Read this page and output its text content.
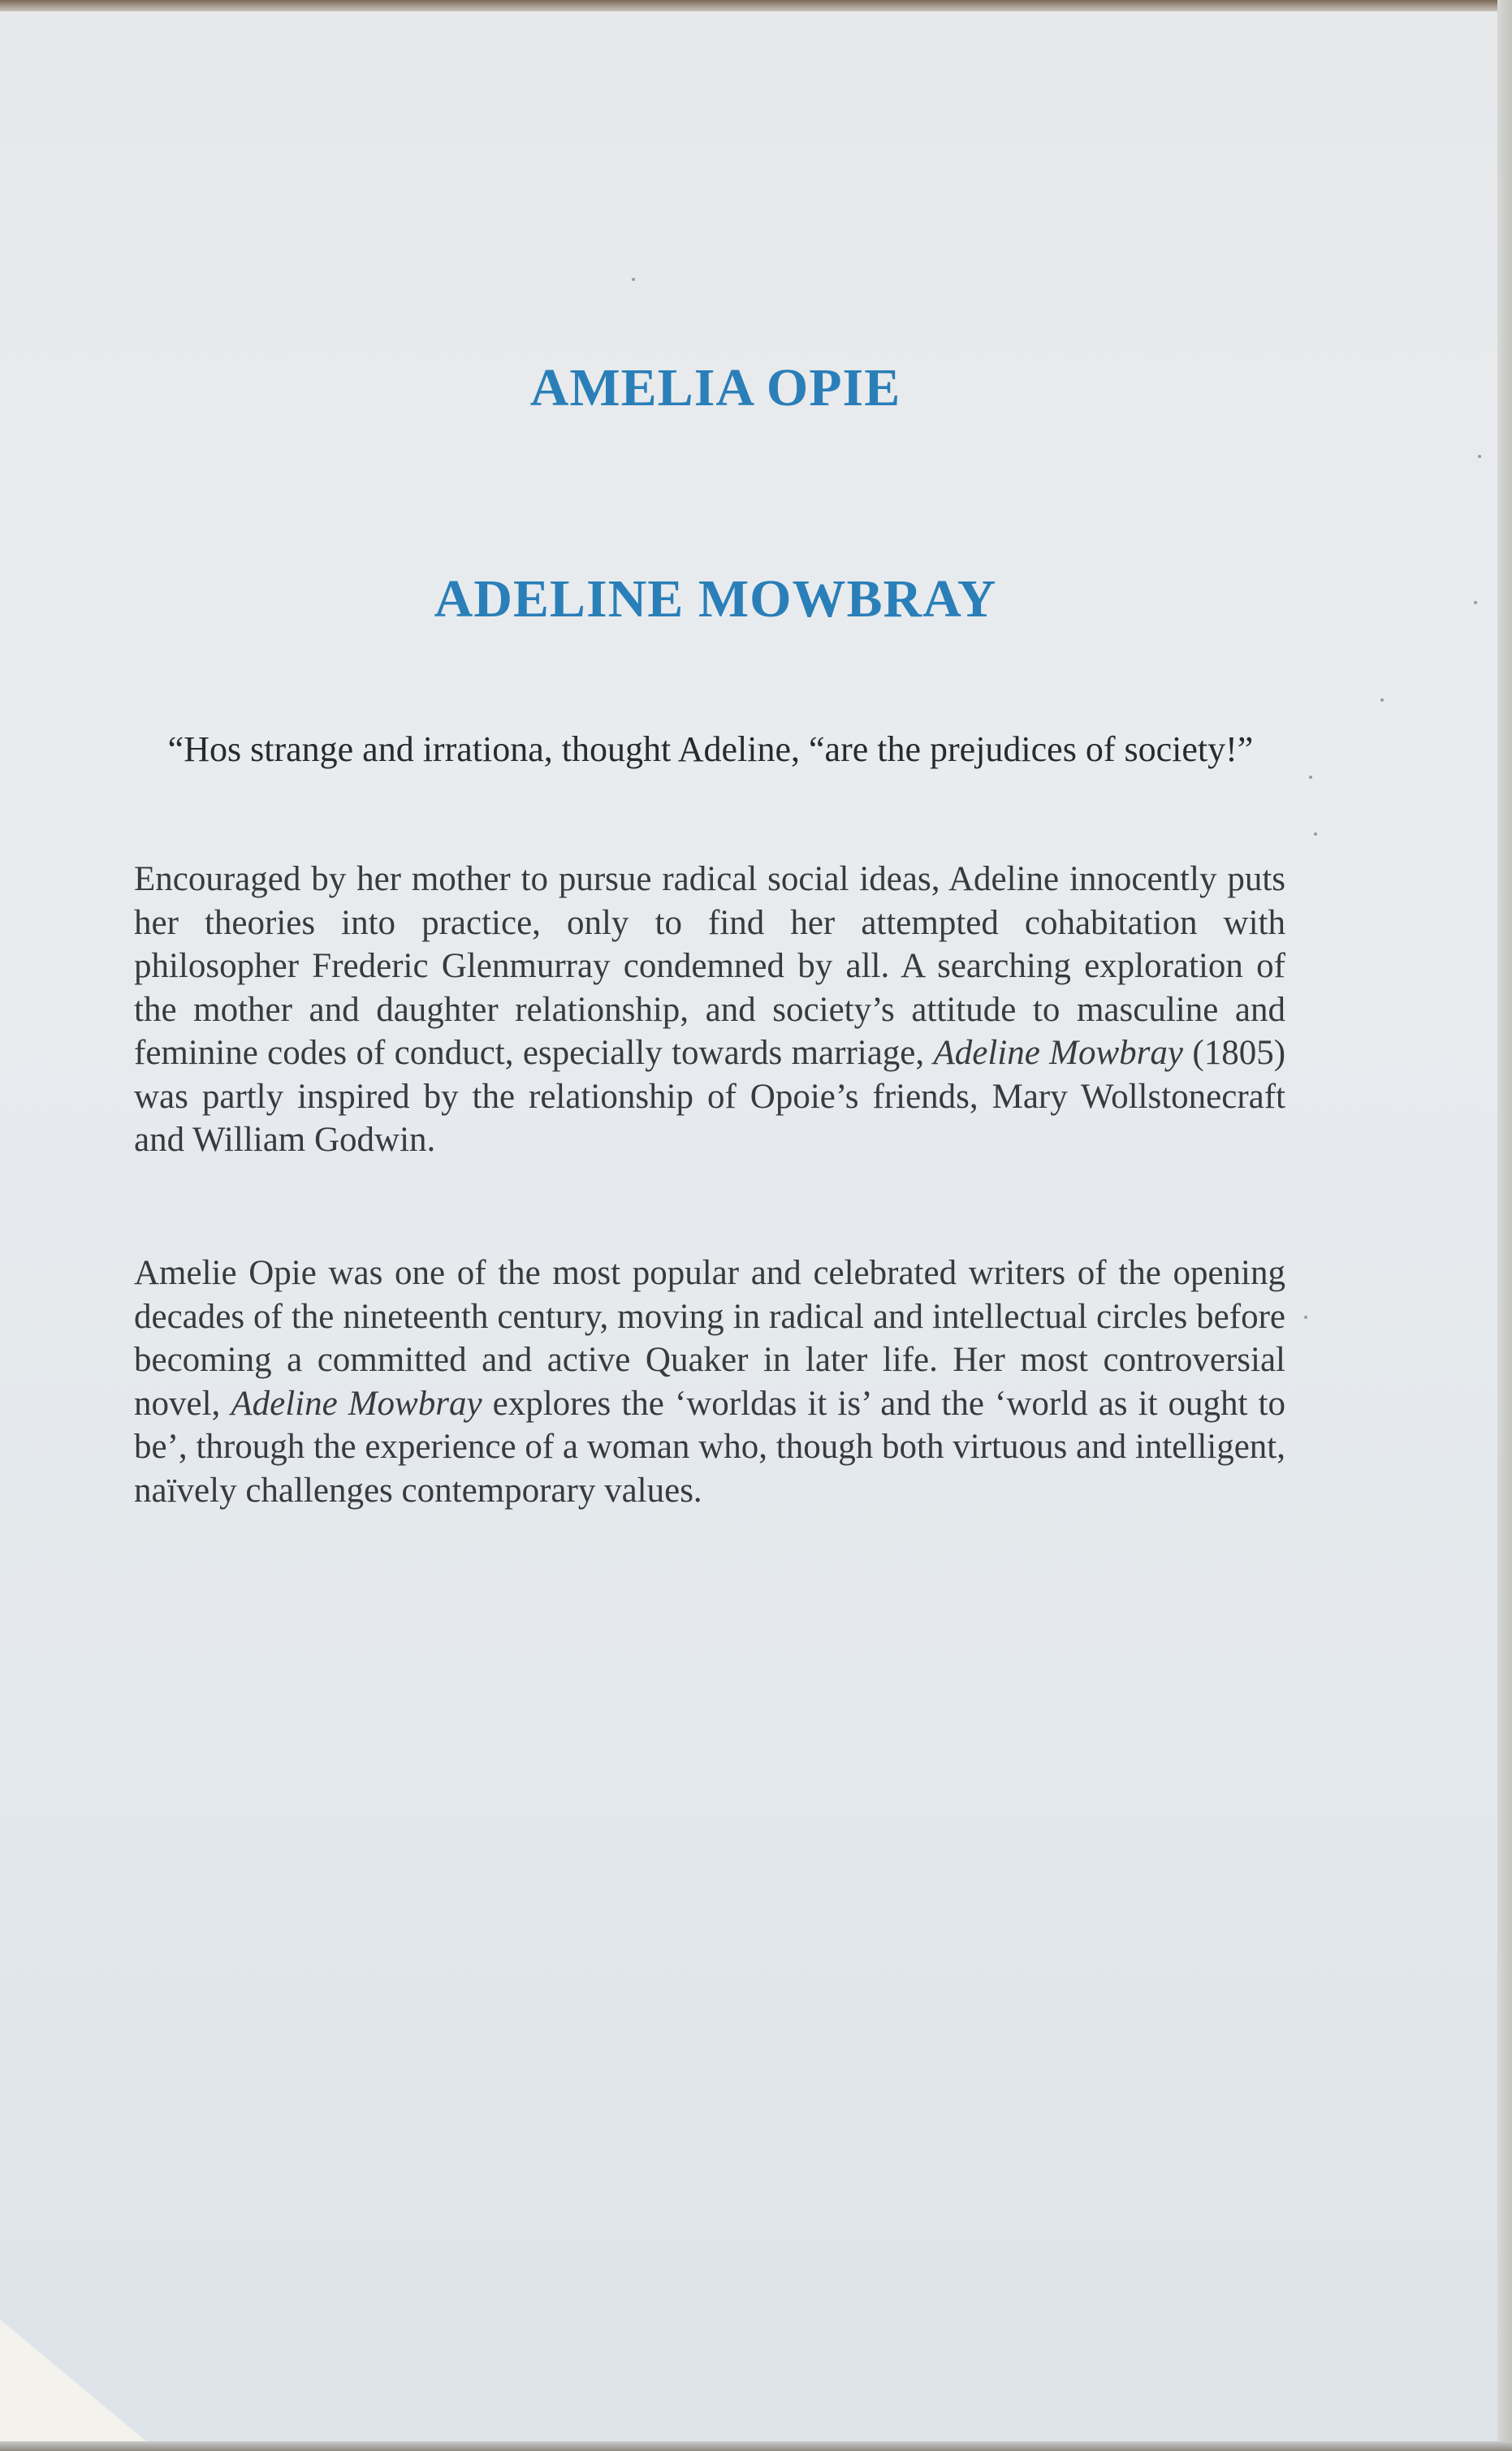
AMELIA OPIE
ADELINE MOWBRAY

“Hos strange and irrationa, thought Adeline, “are the prejudices of society!”

Encouraged by her mother to pursue radical social ideas, Adeline innocently puts her theories into practice, only to find her attempted cohabitation with philosopher Frederic Glenmurray condemned by all. A searching exploration of the mother and daughter relationship, and society’s attitude to masculine and feminine codes of conduct, especially towards marriage, Adeline Mowbray (1805) was partly inspired by the relationship of Opoie’s friends, Mary Wollstonecraft and William Godwin.

Amelie Opie was one of the most popular and celebrated writers of the opening decades of the nineteenth century, moving in radical and intellectual circles before becoming a committed and active Quaker in later life. Her most controversial novel, Adeline Mowbray explores the ‘worldas it is’ and the ‘world as it ought to be’, through the experience of a woman who, though both virtuous and intelligent, naïvely challenges contemporary values.
